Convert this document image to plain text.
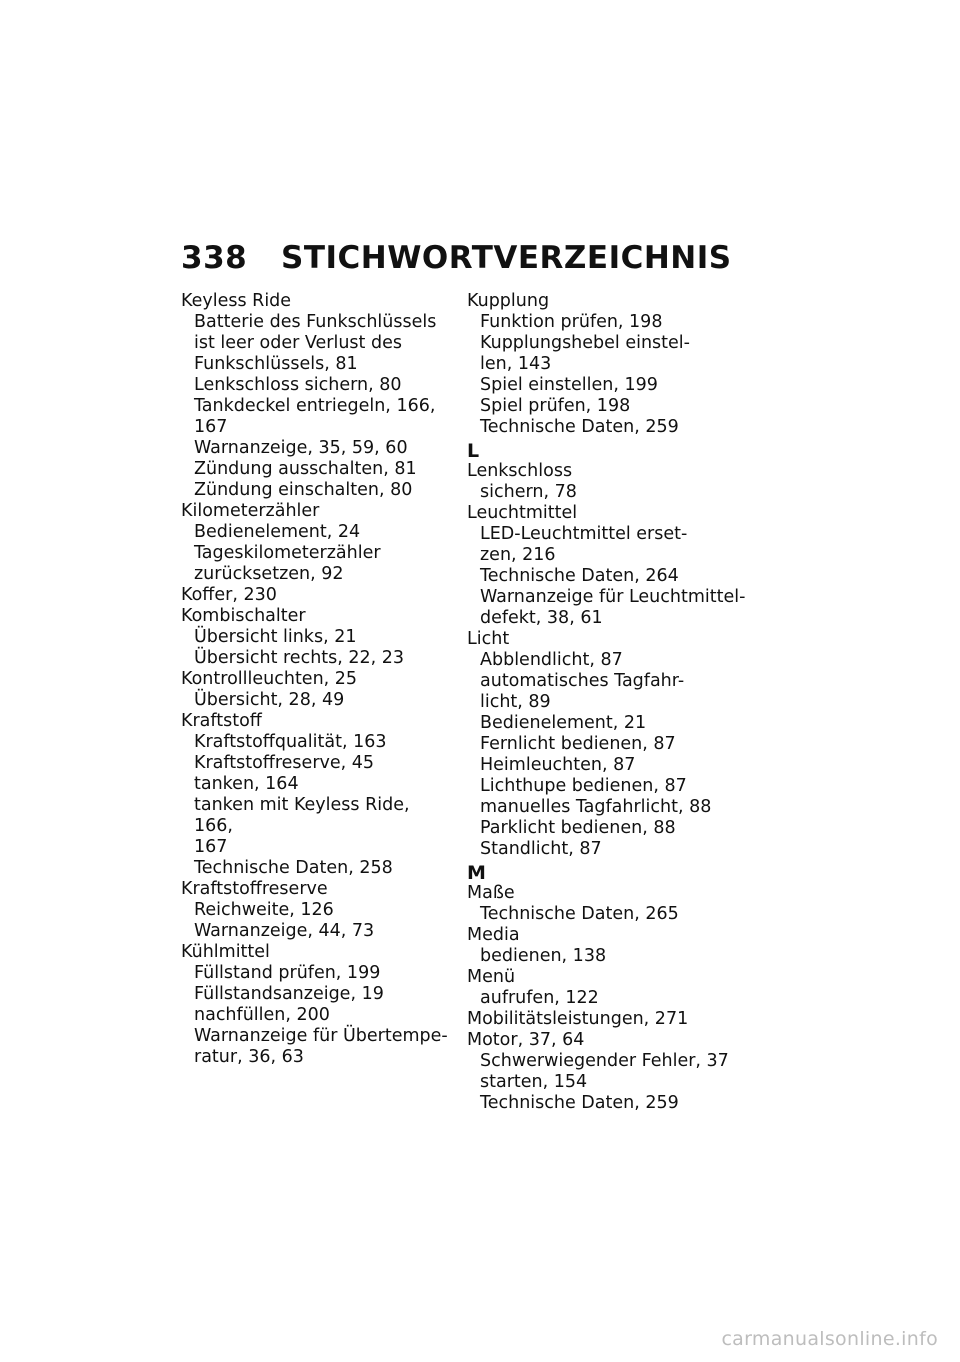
338 STICHWORTVERZEICHNIS
Keyless Ride
Batterie des Funkschlüssels
ist leer oder Verlust des
Funkschlüssels, 81
Lenkschloss sichern, 80
Tankdeckel entriegeln, 166,
167
Warnanzeige, 35, 59, 60
Zündung ausschalten, 81
Zündung einschalten, 80
Kilometerzähler
Bedienelement, 24
Tageskilometerzähler
zurücksetzen, 92
Koffer, 230
Kombischalter
Übersicht links, 21
Übersicht rechts, 22, 23
Kontrollleuchten, 25
Übersicht, 28, 49
Kraftstoff
Kraftstoffqualität, 163
Kraftstoffreserve, 45
tanken, 164
tanken mit Keyless Ride, 166,
167
Technische Daten, 258
Kraftstoffreserve
Reichweite, 126
Warnanzeige, 44, 73
Kühlmittel
Füllstand prüfen, 199
Füllstandsanzeige, 19
nachfüllen, 200
Warnanzeige für Übertempe-
ratur, 36, 63
Kupplung
Funktion prüfen, 198
Kupplungshebel einstel-
len, 143
Spiel einstellen, 199
Spiel prüfen, 198
Technische Daten, 259
L
Lenkschloss
sichern, 78
Leuchtmittel
LED-Leuchtmittel erset-
zen, 216
Technische Daten, 264
Warnanzeige für Leuchtmittel-
defekt, 38, 61
Licht
Abblendlicht, 87
automatisches Tagfahr-
licht, 89
Bedienelement, 21
Fernlicht bedienen, 87
Heimleuchten, 87
Lichthupe bedienen, 87
manuelles Tagfahrlicht, 88
Parklicht bedienen, 88
Standlicht, 87
M
Maße
Technische Daten, 265
Media
bedienen, 138
Menü
aufrufen, 122
Mobilitätsleistungen, 271
Motor, 37, 64
Schwerwiegender Fehler, 37
starten, 154
Technische Daten, 259
carmanualsonline.info
